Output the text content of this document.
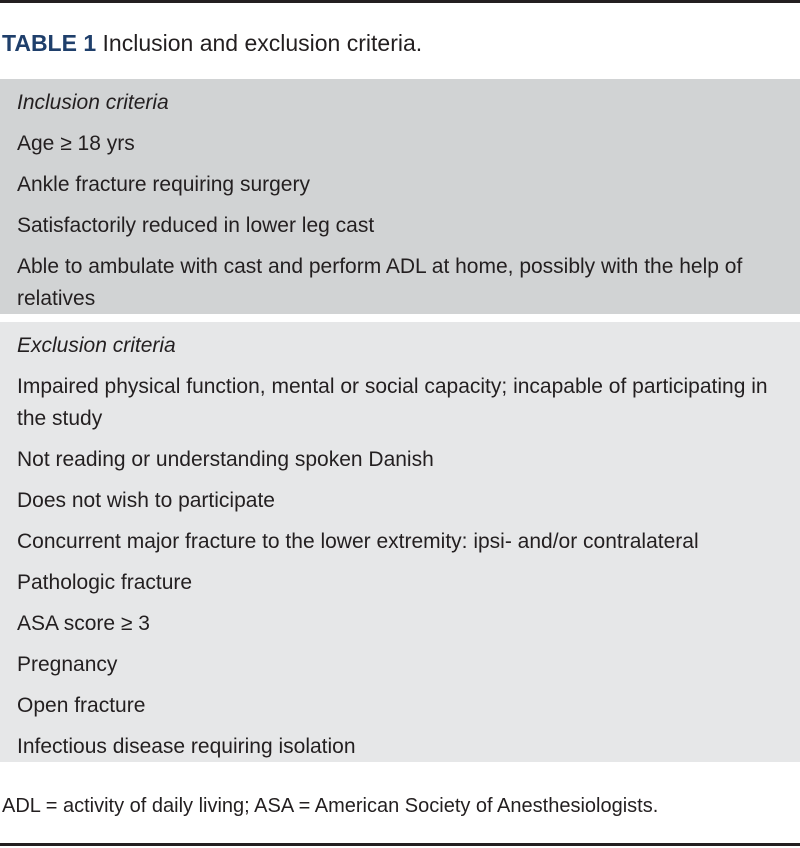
TABLE 1 Inclusion and exclusion criteria.
Inclusion criteria
Age ≥ 18 yrs
Ankle fracture requiring surgery
Satisfactorily reduced in lower leg cast
Able to ambulate with cast and perform ADL at home, possibly with the help of relatives
Exclusion criteria
Impaired physical function, mental or social capacity; incapable of participating in the study
Not reading or understanding spoken Danish
Does not wish to participate
Concurrent major fracture to the lower extremity: ipsi- and/or contralateral
Pathologic fracture
ASA score ≥ 3
Pregnancy
Open fracture
Infectious disease requiring isolation
ADL = activity of daily living; ASA = American Society of Anesthesiologists.
